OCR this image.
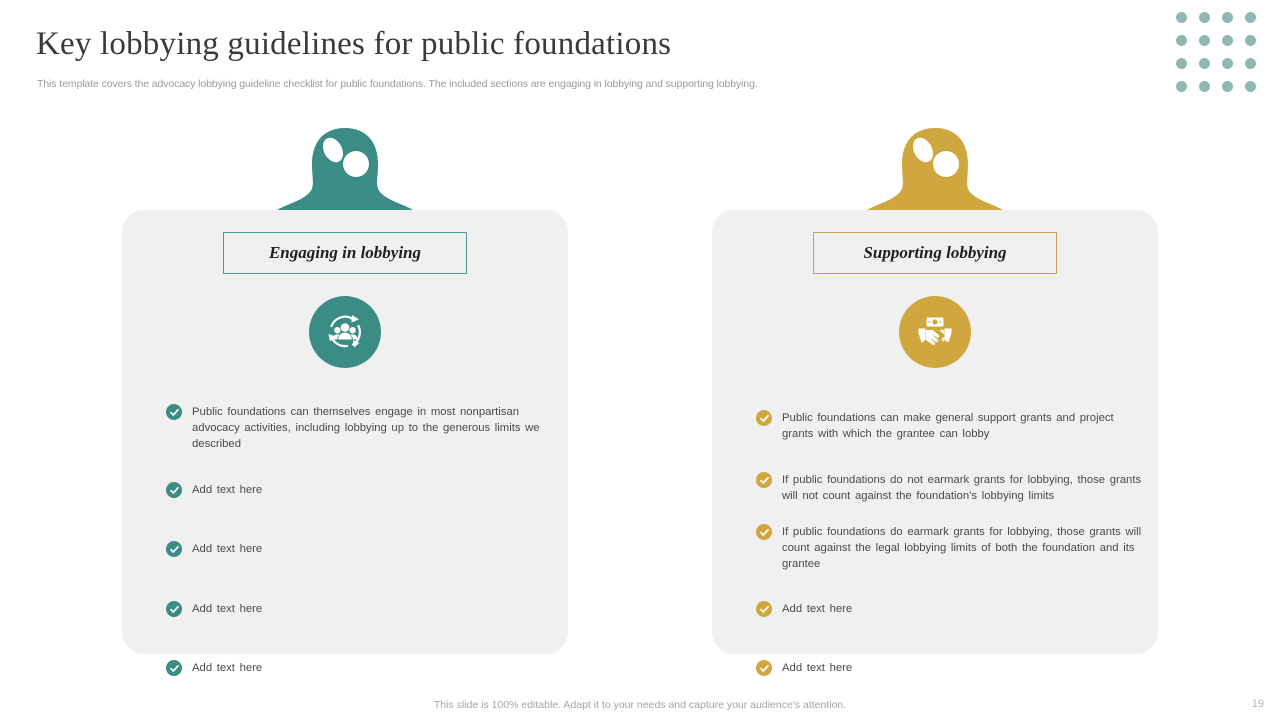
Key lobbying guidelines for public foundations
This template covers the advocacy lobbying guideline checklist for public foundations. The included sections are engaging in lobbying and supporting lobbying.
Engaging in lobbying
Public foundations can themselves engage in most nonpartisan advocacy activities, including lobbying up to the generous limits we described
Add text here
Add text here
Add text here
Add text here
Supporting lobbying
Public foundations can make general support grants and project grants with which the grantee can lobby
If public foundations do not earmark grants for lobbying, those grants will not count against the foundation’s lobbying limits
If public foundations do earmark grants for lobbying, those grants will count against the legal lobbying limits of both the foundation and its grantee
Add text here
Add text here
This slide is 100% editable. Adapt it to your needs and capture your audience's attention.	19
